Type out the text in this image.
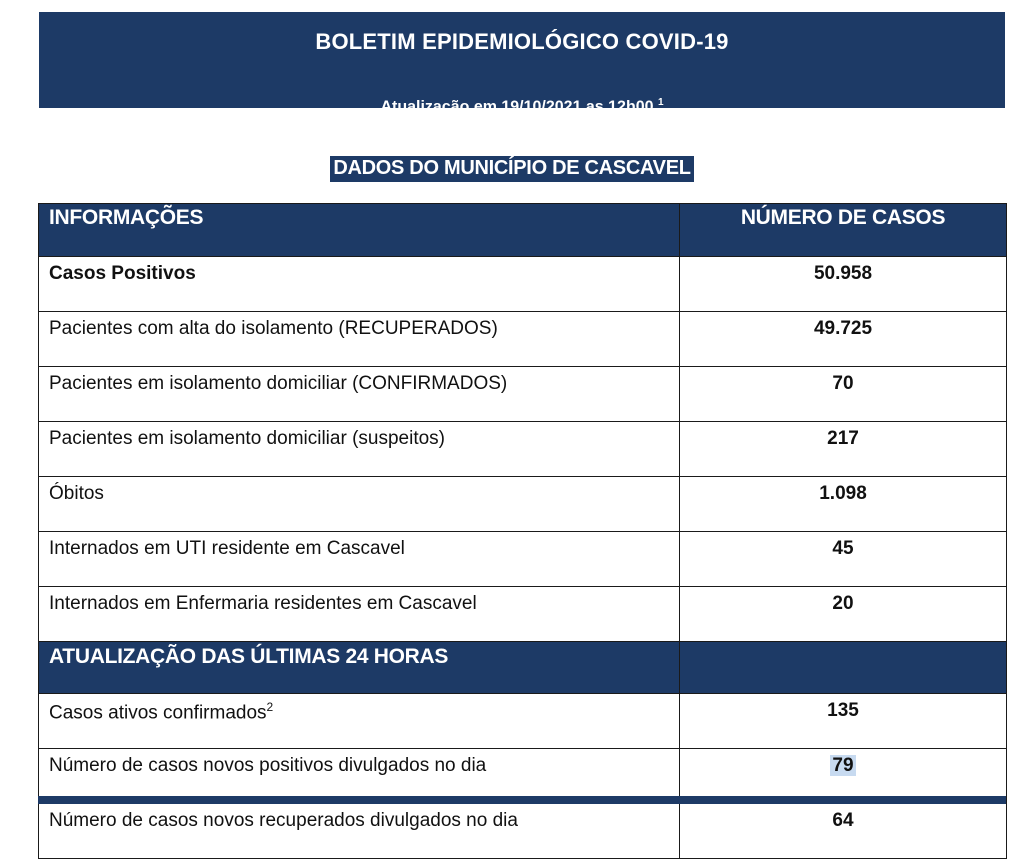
BOLETIM EPIDEMIOLÓGICO COVID-19
Atualização em 19/10/2021 as 12h00.$^1$
DADOS DO MUNICÍPIO DE CASCAVEL
INFORMAÇÕES	NÚMERO DE CASOS
Casos Positivos	50.958
Pacientes com alta do isolamento (RECUPERADOS)	49.725
Pacientes em isolamento domiciliar (CONFIRMADOS)	70
Pacientes em isolamento domiciliar (suspeitos)	217
Óbitos	1.098
Internados em UTI residente em Cascavel	45
Internados em Enfermaria residentes em Cascavel	20
ATUALIZAÇÃO DAS ÚLTIMAS 24 HORAS	
Casos ativos confirmados$^2$	135
Número de casos novos positivos divulgados no dia	79
Número de casos novos recuperados divulgados no dia	64
